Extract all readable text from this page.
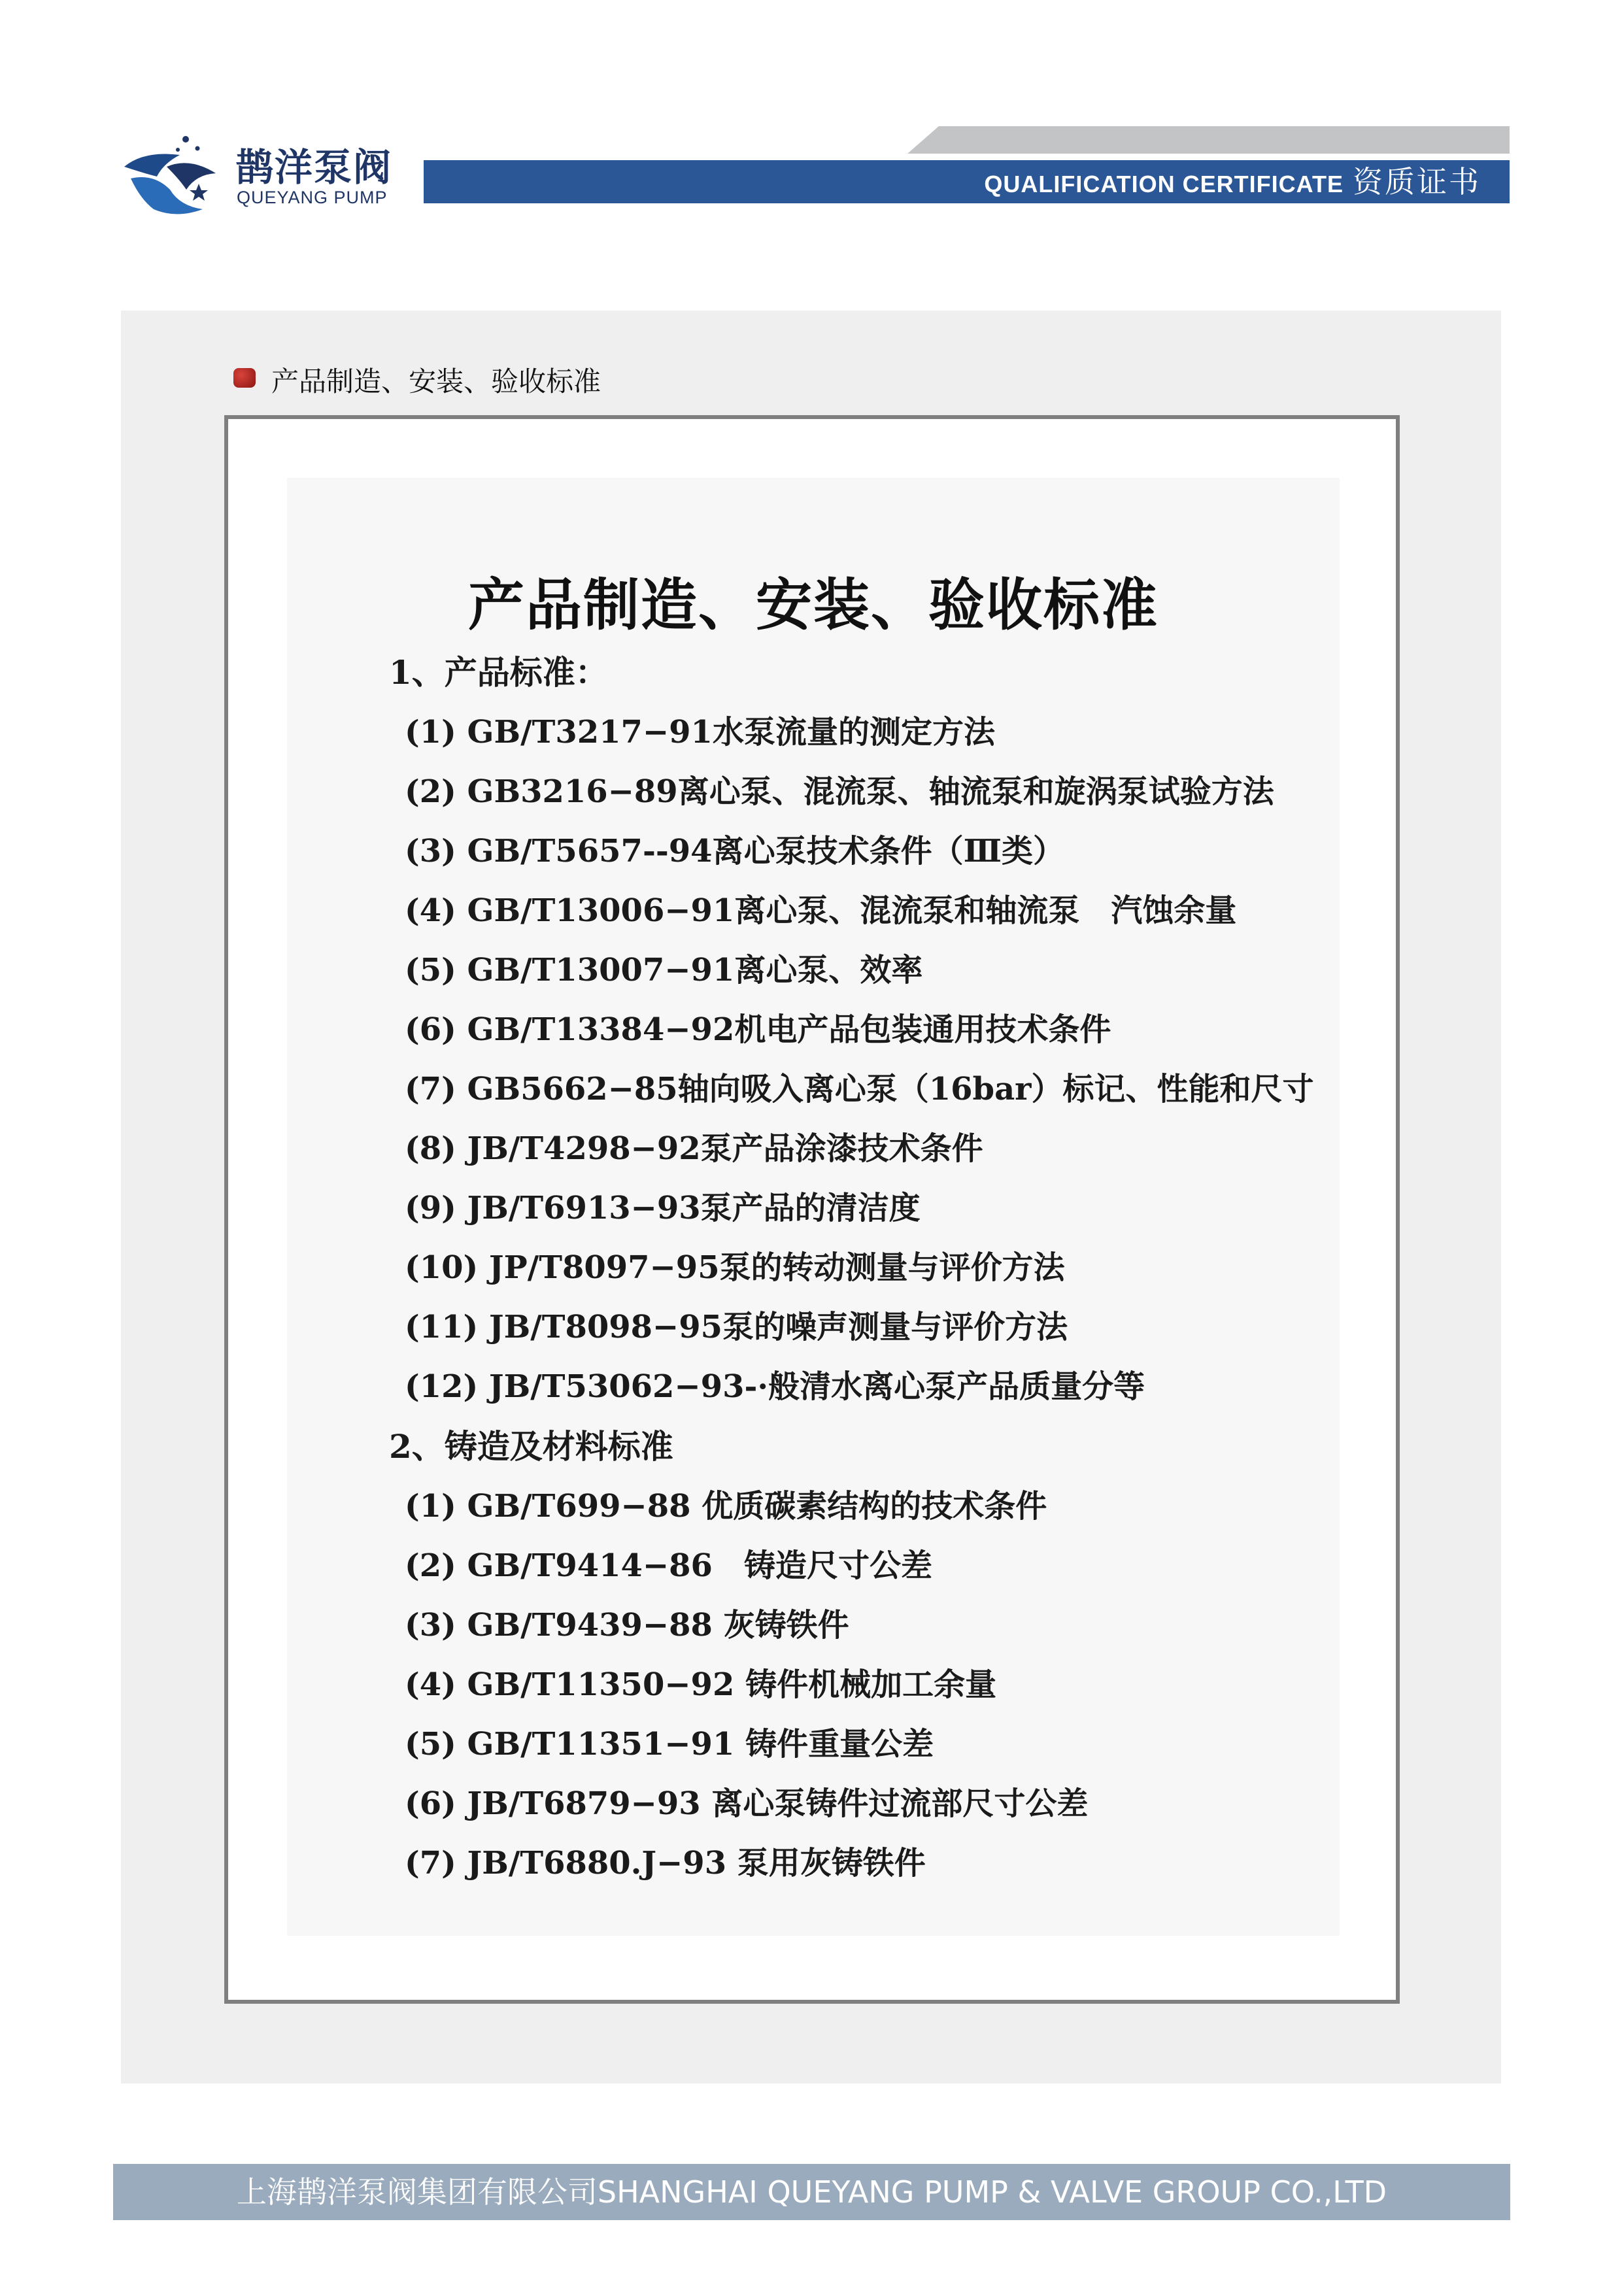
鹊洋泵阀
QUEYANG PUMP	QUALIFICATION CERTIFICATE 资质证书
产品制造、安装、验收标准
产品制造、安装、验收标准
1、产品标准：
(1) GB/T3217−91水泵流量的测定方法
(2) GB3216−89离心泵、混流泵、轴流泵和旋涡泵试验方法
(3) GB/T5657--94离心泵技术条件（Ⅲ类）
(4) GB/T13006−91离心泵、混流泵和轴流泵　汽蚀余量
(5) GB/T13007−91离心泵、效率
(6) GB/T13384−92机电产品包装通用技术条件
(7) GB5662−85轴向吸入离心泵（16bar）标记、性能和尺寸
(8) JB/T4298−92泵产品涂漆技术条件
(9) JB/T6913−93泵产品的清洁度
(10) JP/T8097−95泵的转动测量与评价方法
(11) JB/T8098−95泵的噪声测量与评价方法
(12) JB/T53062−93-·般清水离心泵产品质量分等
2、铸造及材料标准
(1) GB/T699−88 优质碳素结构的技术条件
(2) GB/T9414−86　铸造尺寸公差
(3) GB/T9439−88 灰铸铁件
(4) GB/T11350−92 铸件机械加工余量
(5) GB/T11351−91 铸件重量公差
(6) JB/T6879−93 离心泵铸件过流部尺寸公差
(7) JB/T6880.J−93 泵用灰铸铁件
上海鹊洋泵阀集团有限公司SHANGHAI QUEYANG PUMP & VALVE GROUP CO.,LTD
